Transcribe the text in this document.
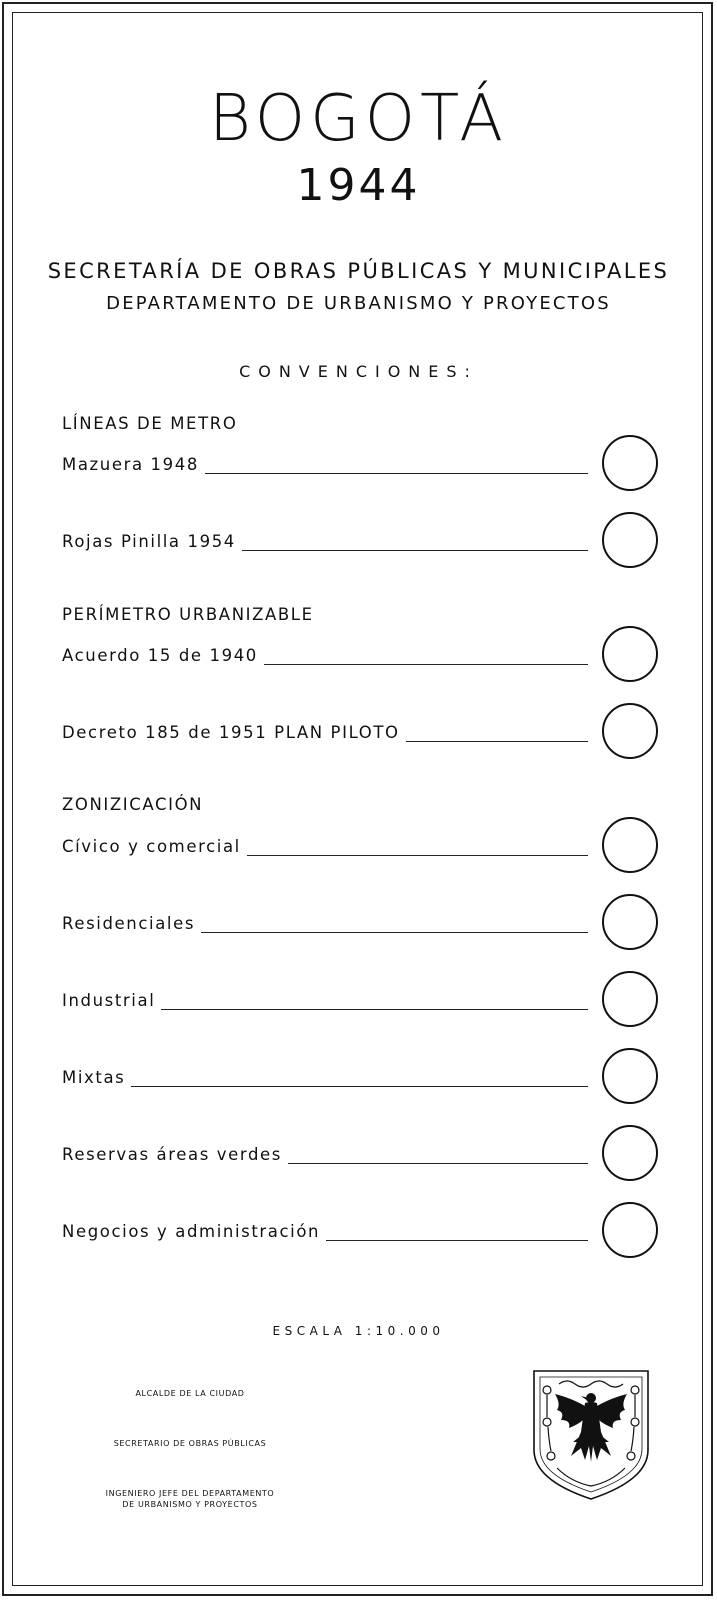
BOGOTÁ
1944
SECRETARÍA DE OBRAS PÚBLICAS Y MUNICIPALES
DEPARTAMENTO DE URBANISMO Y PROYECTOS
CONVENCIONES:
LÍNEAS DE METRO
Mazuera 1948
Rojas Pinilla 1954
PERÍMETRO URBANIZABLE
Acuerdo 15 de 1940
Decreto 185 de 1951 PLAN PILOTO
ZONIZICACIÓN
Cívico y comercial
Residenciales
Industrial
Mixtas
Reservas áreas verdes
Negocios y administración
ESCALA 1:10.000
ALCALDE DE LA CIUDAD
SECRETARIO DE OBRAS PÚBLICAS
INGENIERO JEFE DEL DEPARTAMENTO
DE URBANISMO Y PROYECTOS
